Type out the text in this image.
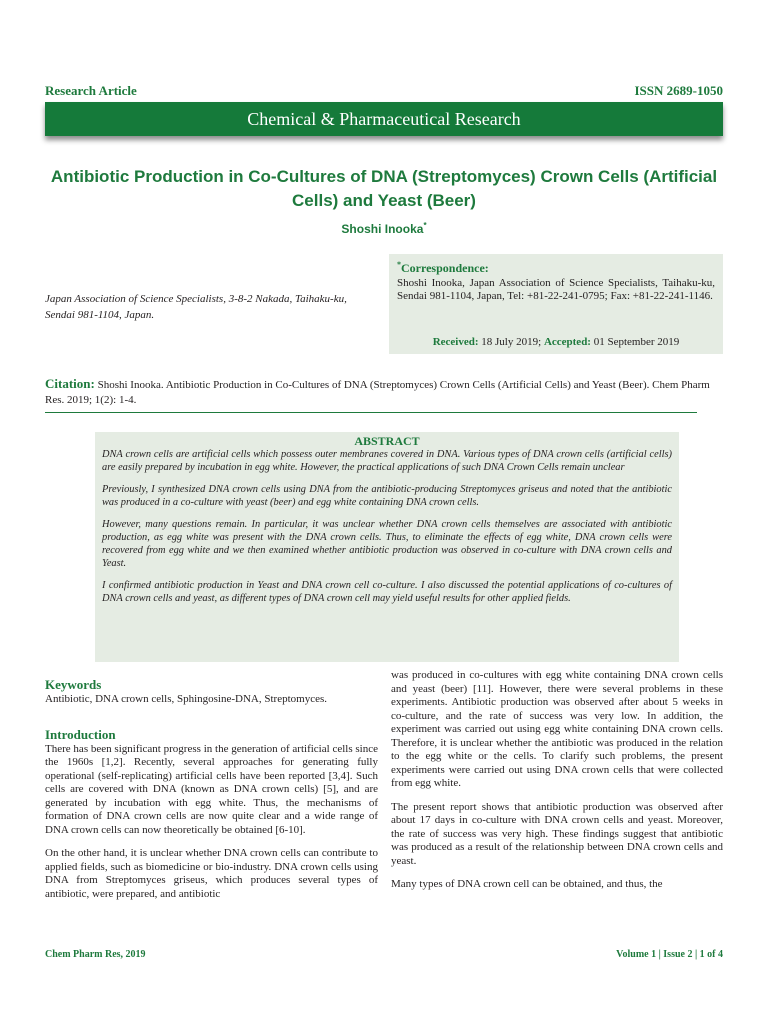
Research Article	ISSN 2689-1050
Chemical & Pharmaceutical Research
Antibiotic Production in Co-Cultures of DNA (Streptomyces) Crown Cells (Artificial Cells) and Yeast (Beer)
Shoshi Inooka*
Japan Association of Science Specialists, 3-8-2 Nakada, Taihaku-ku, Sendai 981-1104, Japan.
*Correspondence:
Shoshi Inooka, Japan Association of Science Specialists, Taihaku-ku, Sendai 981-1104, Japan, Tel: +81-22-241-0795; Fax: +81-22-241-1146.
Received: 18 July 2019; Accepted: 01 September 2019
Citation: Shoshi Inooka. Antibiotic Production in Co-Cultures of DNA (Streptomyces) Crown Cells (Artificial Cells) and Yeast (Beer). Chem Pharm Res. 2019; 1(2): 1-4.
ABSTRACT

DNA crown cells are artificial cells which possess outer membranes covered in DNA. Various types of DNA crown cells (artificial cells) are easily prepared by incubation in egg white. However, the practical applications of such DNA Crown Cells remain unclear

Previously, I synthesized DNA crown cells using DNA from the antibiotic-producing Streptomyces griseus and noted that the antibiotic was produced in a co-culture with yeast (beer) and egg white containing DNA crown cells.

However, many questions remain. In particular, it was unclear whether DNA crown cells themselves are associated with antibiotic production, as egg white was present with the DNA crown cells. Thus, to eliminate the effects of egg white, DNA crown cells were recovered from egg white and we then examined whether antibiotic production was observed in co-culture with DNA crown cells and Yeast.

I confirmed antibiotic production in Yeast and DNA crown cell co-culture. I also discussed the potential applications of co-cultures of DNA crown cells and yeast, as different types of DNA crown cell may yield useful results for other applied fields.

Keywords
Antibiotic, DNA crown cells, Sphingosine-DNA, Streptomyces.
Introduction
There has been significant progress in the generation of artificial cells since the 1960s [1,2]. Recently, several approaches for generating fully operational (self-replicating) artificial cells have been reported [3,4]. Such cells are covered with DNA (known as DNA crown cells) [5], and are generated by incubation with egg white. Thus, the mechanisms of formation of DNA crown cells are now quite clear and a wide range of DNA crown cells can now theoretically be obtained [6-10].
On the other hand, it is unclear whether DNA crown cells can contribute to applied fields, such as biomedicine or bio-industry. DNA crown cells using DNA from Streptomyces griseus, which produces several types of antibiotic, were prepared, and antibiotic
was produced in co-cultures with egg white containing DNA crown cells and yeast (beer) [11]. However, there were several problems in these experiments. Antibiotic production was observed after about 5 weeks in co-culture, and the rate of success was very low. In addition, the experiment was carried out using egg white containing DNA crown cells. Therefore, it is unclear whether the antibiotic was produced in the relation to the egg white or the cells. To clarify such problems, the present experiments were carried out using DNA crown cells that were collected from egg white.
The present report shows that antibiotic production was observed after about 17 days in co-culture with DNA crown cells and yeast. Moreover, the rate of success was very high. These findings suggest that antibiotic was produced as a result of the relationship between DNA crown cells and yeast.
Many types of DNA crown cell can be obtained, and thus, the
Chem Pharm Res, 2019	Volume 1 | Issue 2 | 1 of 4
